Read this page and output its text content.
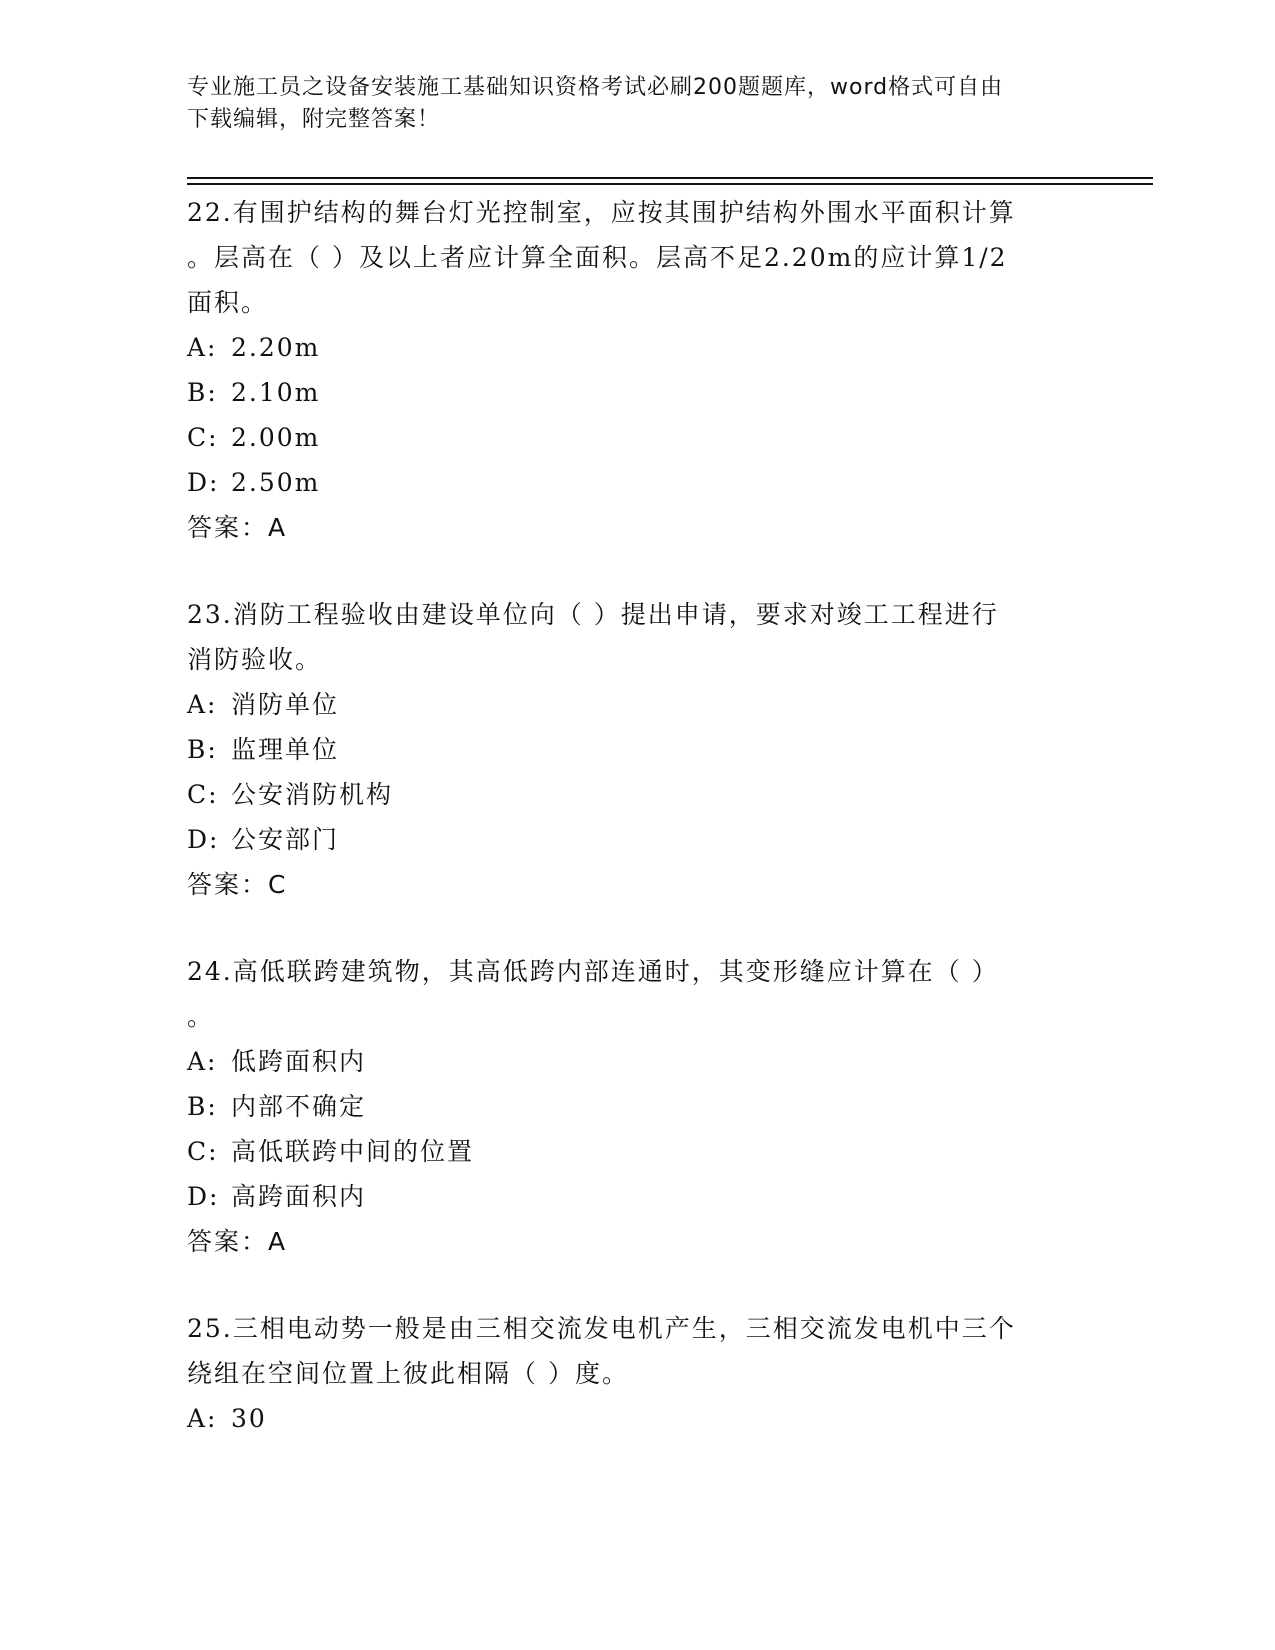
专业施工员之设备安装施工基础知识资格考试必刷200题题库，word格式可自由
下载编辑，附完整答案！
22.有围护结构的舞台灯光控制室，应按其围护结构外围水平面积计算
。层高在（ ）及以上者应计算全面积。层高不足2.20m的应计算1/2
面积。
A: 2.20m
B: 2.10m
C: 2.00m
D: 2.50m
答案：A
23.消防工程验收由建设单位向（ ）提出申请，要求对竣工工程进行
消防验收。
A: 消防单位
B: 监理单位
C: 公安消防机构
D: 公安部门
答案：C
24.高低联跨建筑物，其高低跨内部连通时，其变形缝应计算在（ ）
。
A: 低跨面积内
B: 内部不确定
C: 高低联跨中间的位置
D: 高跨面积内
答案：A
25.三相电动势一般是由三相交流发电机产生，三相交流发电机中三个
绕组在空间位置上彼此相隔（ ）度。
A: 30
